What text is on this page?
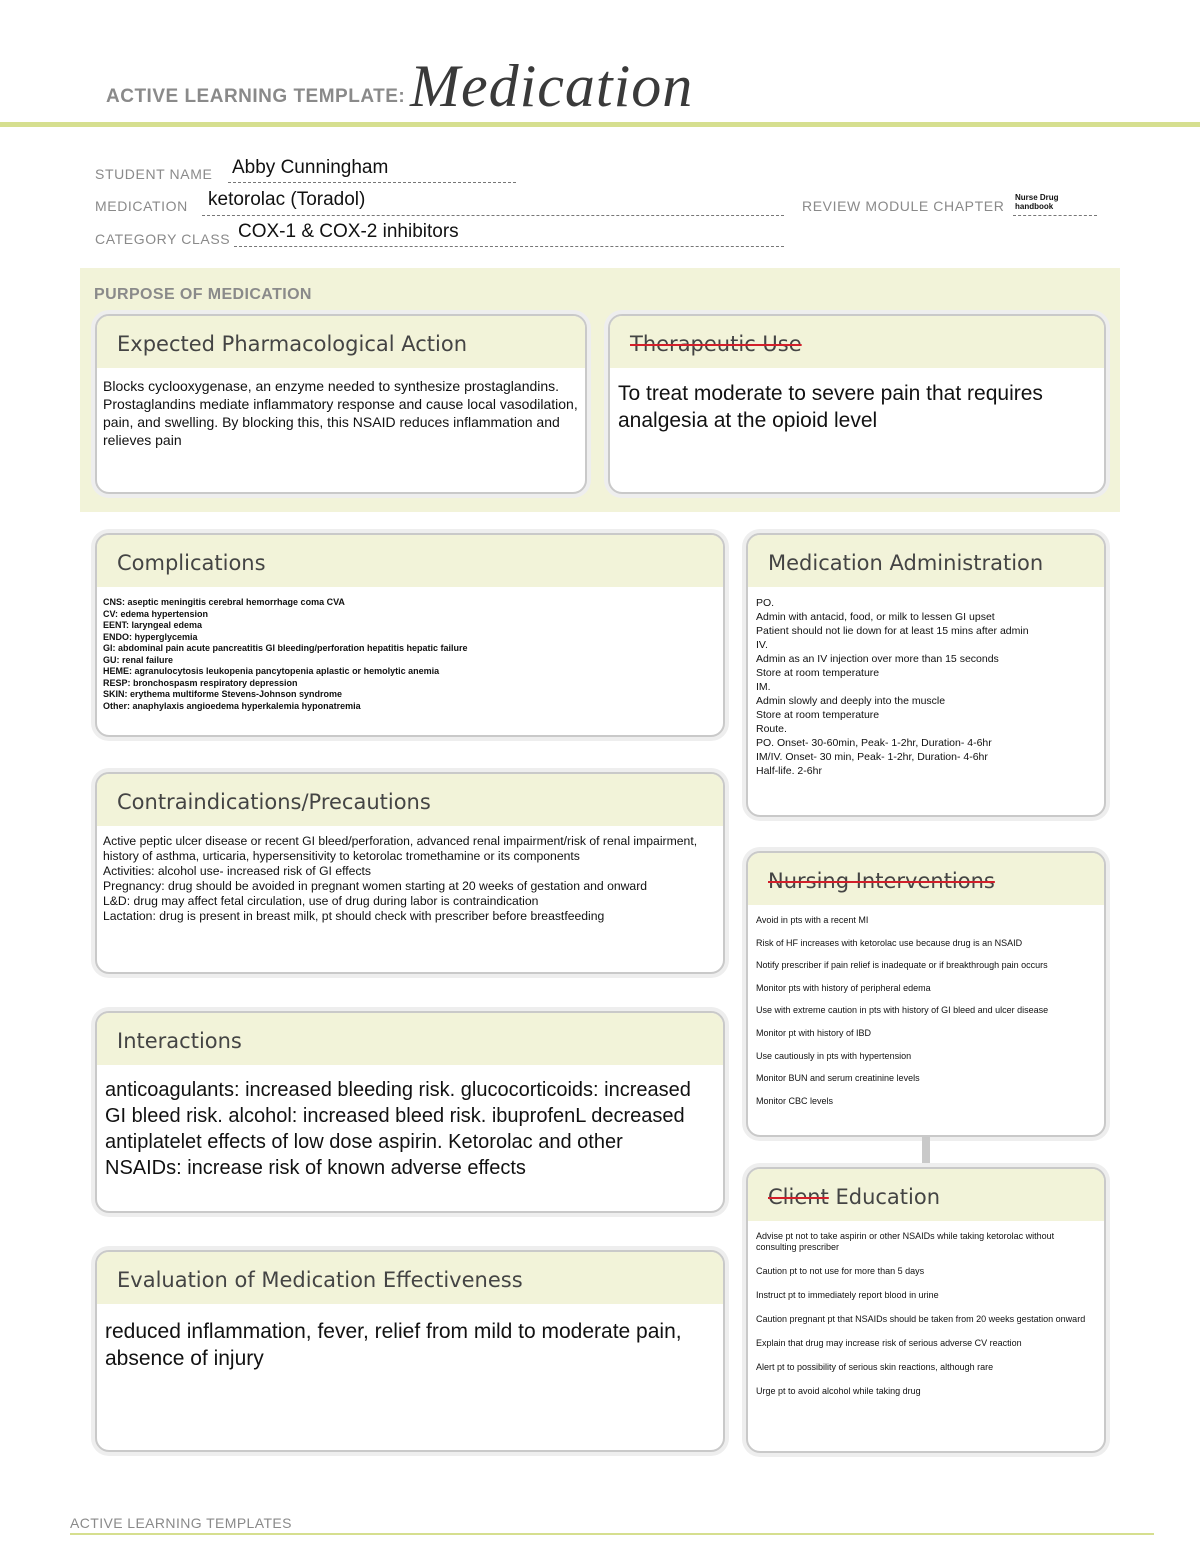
ACTIVE LEARNING TEMPLATE: Medication
STUDENT NAME Abby Cunningham
MEDICATION ketorolac (Toradol)	REVIEW MODULE CHAPTER
Nurse Drug handbook
CATEGORY CLASS COX-1 & COX-2 inhibitors
PURPOSE OF MEDICATION
Expected Pharmacological Action
Blocks cyclooxygenase, an enzyme needed to synthesize prostaglandins. Prostaglandins mediate inflammatory response and cause local vasodilation, pain, and swelling. By blocking this, this NSAID reduces inflammation and relieves pain
Therapeutic Use
To treat moderate to severe pain that requires analgesia at the opioid level
Complications
CNS: aseptic meningitis cerebral hemorrhage coma CVA
CV: edema hypertension
EENT: laryngeal edema
ENDO: hyperglycemia
GI: abdominal pain acute pancreatitis GI bleeding/perforation hepatitis hepatic failure
GU: renal failure
HEME: agranulocytosis leukopenia pancytopenia aplastic or hemolytic anemia
RESP: bronchospasm respiratory depression
SKIN: erythema multiforme Stevens-Johnson syndrome
Other: anaphylaxis angioedema hyperkalemia hyponatremia
Medication Administration
PO.
Admin with antacid, food, or milk to lessen GI upset
Patient should not lie down for at least 15 mins after admin
IV.
Admin as an IV injection over more than 15 seconds
Store at room temperature
IM.
Admin slowly and deeply into the muscle
Store at room temperature
Route.
PO. Onset- 30-60min, Peak- 1-2hr, Duration- 4-6hr
IM/IV. Onset- 30 min, Peak- 1-2hr, Duration- 4-6hr
Half-life. 2-6hr
Contraindications/Precautions
Active peptic ulcer disease or recent GI bleed/perforation, advanced renal impairment/risk of renal impairment, history of asthma, urticaria, hypersensitivity to ketorolac tromethamine or its components
Activities: alcohol use- increased risk of GI effects
Pregnancy: drug should be avoided in pregnant women starting at 20 weeks of gestation and onward
L&D: drug may affect fetal circulation, use of drug during labor is contraindication
Lactation: drug is present in breast milk, pt should check with prescriber before breastfeeding
Nursing Interventions
Avoid in pts with a recent MI
Risk of HF increases with ketorolac use because drug is an NSAID
Notify prescriber if pain relief is inadequate or if breakthrough pain occurs
Monitor pts with history of peripheral edema
Use with extreme caution in pts with history of GI bleed and ulcer disease
Monitor pt with history of IBD
Use cautiously in pts with hypertension
Monitor BUN and serum creatinine levels
Monitor CBC levels
Interactions
anticoagulants: increased bleeding risk. glucocorticoids: increased GI bleed risk. alcohol: increased bleed risk. ibuprofenL decreased antiplatelet effects of low dose aspirin. Ketorolac and other NSAIDs: increase risk of known adverse effects
Client Education
Advise pt not to take aspirin or other NSAIDs while taking ketorolac without consulting prescriber
Caution pt to not use for more than 5 days
Instruct pt to immediately report blood in urine
Caution pregnant pt that NSAIDs should be taken from 20 weeks gestation onward
Explain that drug may increase risk of serious adverse CV reaction
Alert pt to possibility of serious skin reactions, although rare
Urge pt to avoid alcohol while taking drug
Evaluation of Medication Effectiveness
reduced inflammation, fever, relief from mild to moderate pain, absence of injury
ACTIVE LEARNING TEMPLATES
